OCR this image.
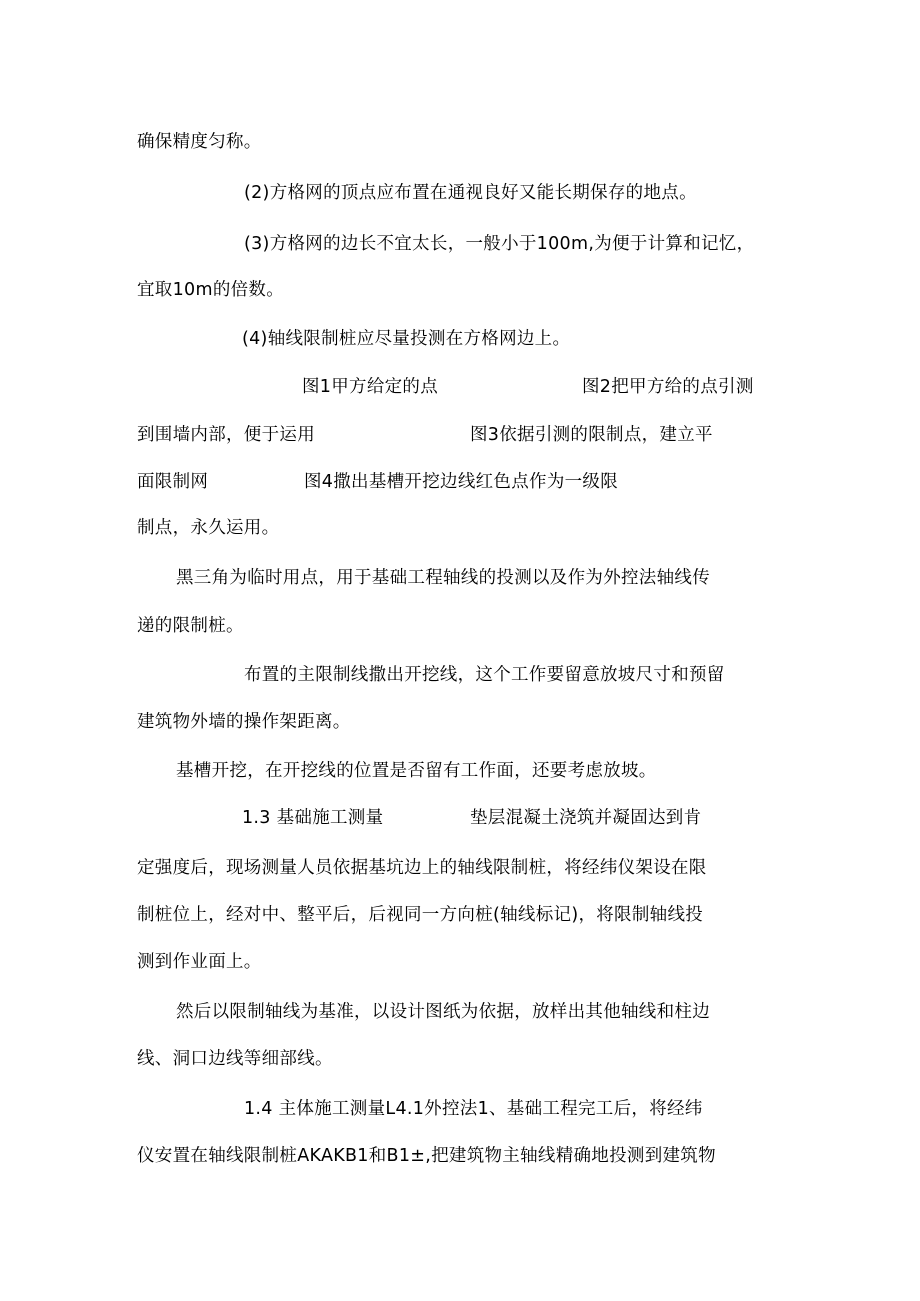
确保精度匀称。
(2)方格网的顶点应布置在通视良好又能长期保存的地点。
(3)方格网的边长不宜太长，一般小于100m,为便于计算和记忆，
宜取10m的倍数。
(4)轴线限制桩应尽量投测在方格网边上。
图1甲方给定的点	图2把甲方给的点引测
到围墙内部，便于运用	图3依据引测的限制点，建立平
面限制网	图4撒出基槽开挖边线红色点作为一级限
制点，永久运用。
黑三角为临时用点，用于基础工程轴线的投测以及作为外控法轴线传
递的限制桩。
布置的主限制线撒出开挖线，这个工作要留意放坡尺寸和预留
建筑物外墙的操作架距离。
基槽开挖，在开挖线的位置是否留有工作面，还要考虑放坡。
1.3 基础施工测量	垫层混凝土浇筑并凝固达到肯
定强度后，现场测量人员依据基坑边上的轴线限制桩，将经纬仪架设在限
制桩位上，经对中、整平后，后视同一方向桩(轴线标记)，将限制轴线投
测到作业面上。
然后以限制轴线为基准，以设计图纸为依据，放样出其他轴线和柱边
线、洞口边线等细部线。
1.4 主体施工测量L4.1外控法1、基础工程完工后，将经纬
仪安置在轴线限制桩AKAKB1和B1±,把建筑物主轴线精确地投测到建筑物
